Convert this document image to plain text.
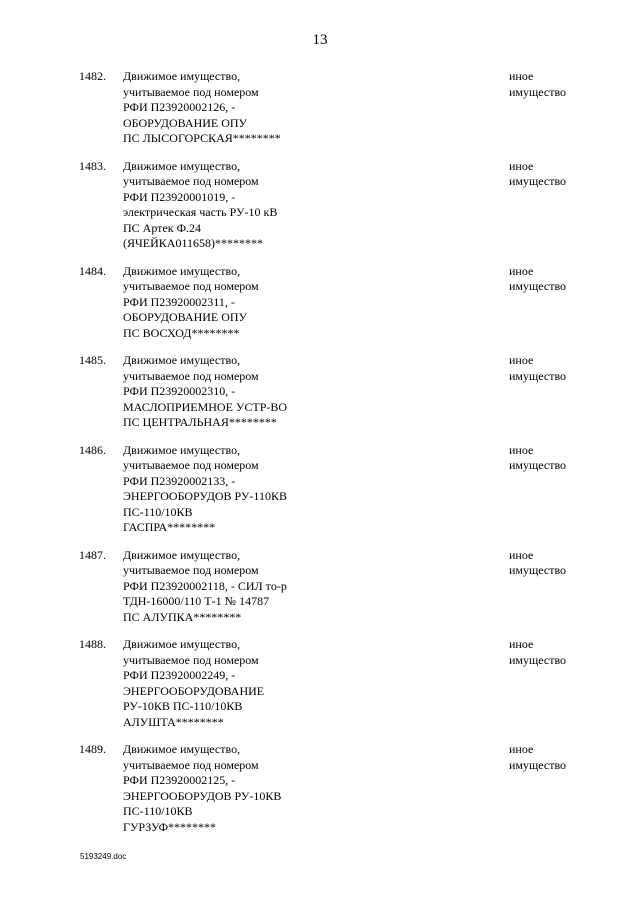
13
1482. Движимое имущество,
учитываемое под номером
РФИ П23920002126, -
ОБОРУДОВАНИЕ ОПУ
ПС ЛЫСОГОРСКАЯ********
иное
имущество
1483. Движимое имущество,
учитываемое под номером
РФИ П23920001019, -
электрическая часть РУ-10 кВ
ПС Артек Ф.24
(ЯЧЕЙКА011658)********
иное
имущество
1484. Движимое имущество,
учитываемое под номером
РФИ П23920002311, -
ОБОРУДОВАНИЕ ОПУ
ПС ВОСХОД********
иное
имущество
1485. Движимое имущество,
учитываемое под номером
РФИ П23920002310, -
МАСЛОПРИЕМНОЕ УСТР-ВО
ПС ЦЕНТРАЛЬНАЯ********
иное
имущество
1486. Движимое имущество,
учитываемое под номером
РФИ П23920002133, -
ЭНЕРГООБОРУДОВ РУ-110КВ
ПС-110/10КВ
ГАСПРА********
иное
имущество
1487. Движимое имущество,
учитываемое под номером
РФИ П23920002118, - СИЛ тo-р
ТДН-16000/110 Т-1 № 14787
ПС АЛУПКА********
иное
имущество
1488. Движимое имущество,
учитываемое под номером
РФИ П23920002249, -
ЭНЕРГООБОРУДОВАНИЕ
РУ-10КВ ПС-110/10КВ
АЛУШТА********
иное
имущество
1489. Движимое имущество,
учитываемое под номером
РФИ П23920002125, -
ЭНЕРГООБОРУДОВ РУ-10КВ
ПС-110/10КВ
ГУРЗУФ********
иное
имущество
5193249.doc
